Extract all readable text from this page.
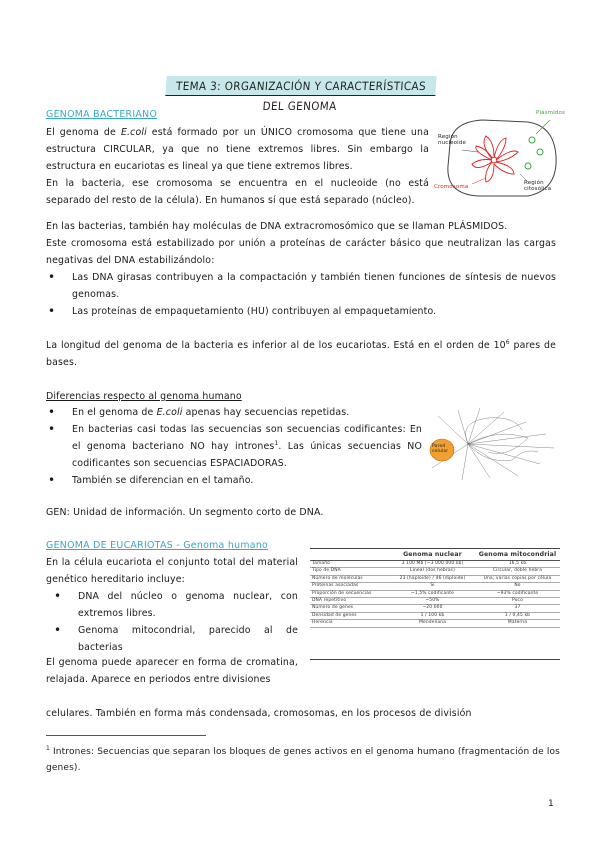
TEMA 3: ORGANIZACIÓN Y CARACTERÍSTICAS DEL GENOMA
GENOMA BACTERIANO
El genoma de E.coli está formado por un ÚNICO cromosoma que tiene una estructura CIRCULAR, ya que no tiene extremos libres. Sin embargo la estructura en eucariotas es lineal ya que tiene extremos libres.
En la bacteria, ese cromosoma se encuentra en el nucleoide (no está separado del resto de la célula). En humanos sí que está separado (núcleo).
Plásmidos
Región nucleoide
Cromosoma
Región citosólica
En las bacterias, también hay moléculas de DNA extracromosómico que se llaman PLÁSMIDOS.
Este cromosoma está estabilizado por unión a proteínas de carácter básico que neutralizan las cargas negativas del DNA estabilizándolo:
• Las DNA girasas contribuyen a la compactación y también tienen funciones de síntesis de nuevos genomas.
• Las proteínas de empaquetamiento (HU) contribuyen al empaquetamiento.
La longitud del genoma de la bacteria es inferior al de los eucariotas. Está en el orden de $10^6$ pares de bases.
Diferencias respecto al genoma humano
• En el genoma de E.coli apenas hay secuencias repetidas.
• En bacterias casi todas las secuencias son secuencias codificantes: En el genoma bacteriano NO hay intrones$^1$. Las únicas secuencias NO codificantes son secuencias ESPACIADORAS.
• También se diferencian en el tamaño.
Pared celular
GEN: Unidad de información. Un segmento corto de DNA.
GENOMA DE EUCARIOTAS - Genoma humano
En la célula eucariota el conjunto total del material genético hereditario incluye:
• DNA del núcleo o genoma nuclear, con extremos libres.
• Genoma mitocondrial, parecido al de bacterias
El genoma puede aparecer en forma de cromatina, relajada. Aparece en periodos entre divisiones
celulares. También en forma más condensada, cromosomas, en los procesos de división
	Genoma nuclear	Genoma mitocondrial
Tamaño	3 100 Mb (~3 000 000 kb)	16,5 kb
Tipo de DNA	Lineal (dos hebras)	Circular, doble hebra
Número de moléculas	23 (haploide) / 46 (diploide)	Una; varias copias por célula
Proteínas asociadas	Sí	No
Proporción de secuencias	~1,5% codificante	~93% codificante
DNA repetitivo	~50%	Poco
Número de genes	~20 000	37
Densidad de genes	1 / 100 kb	1 / 0,45 kb
Herencia	Mendeliana	Materna
$^1$ Intrones: Secuencias que separan los bloques de genes activos en el genoma humano (fragmentación de los genes).
1
